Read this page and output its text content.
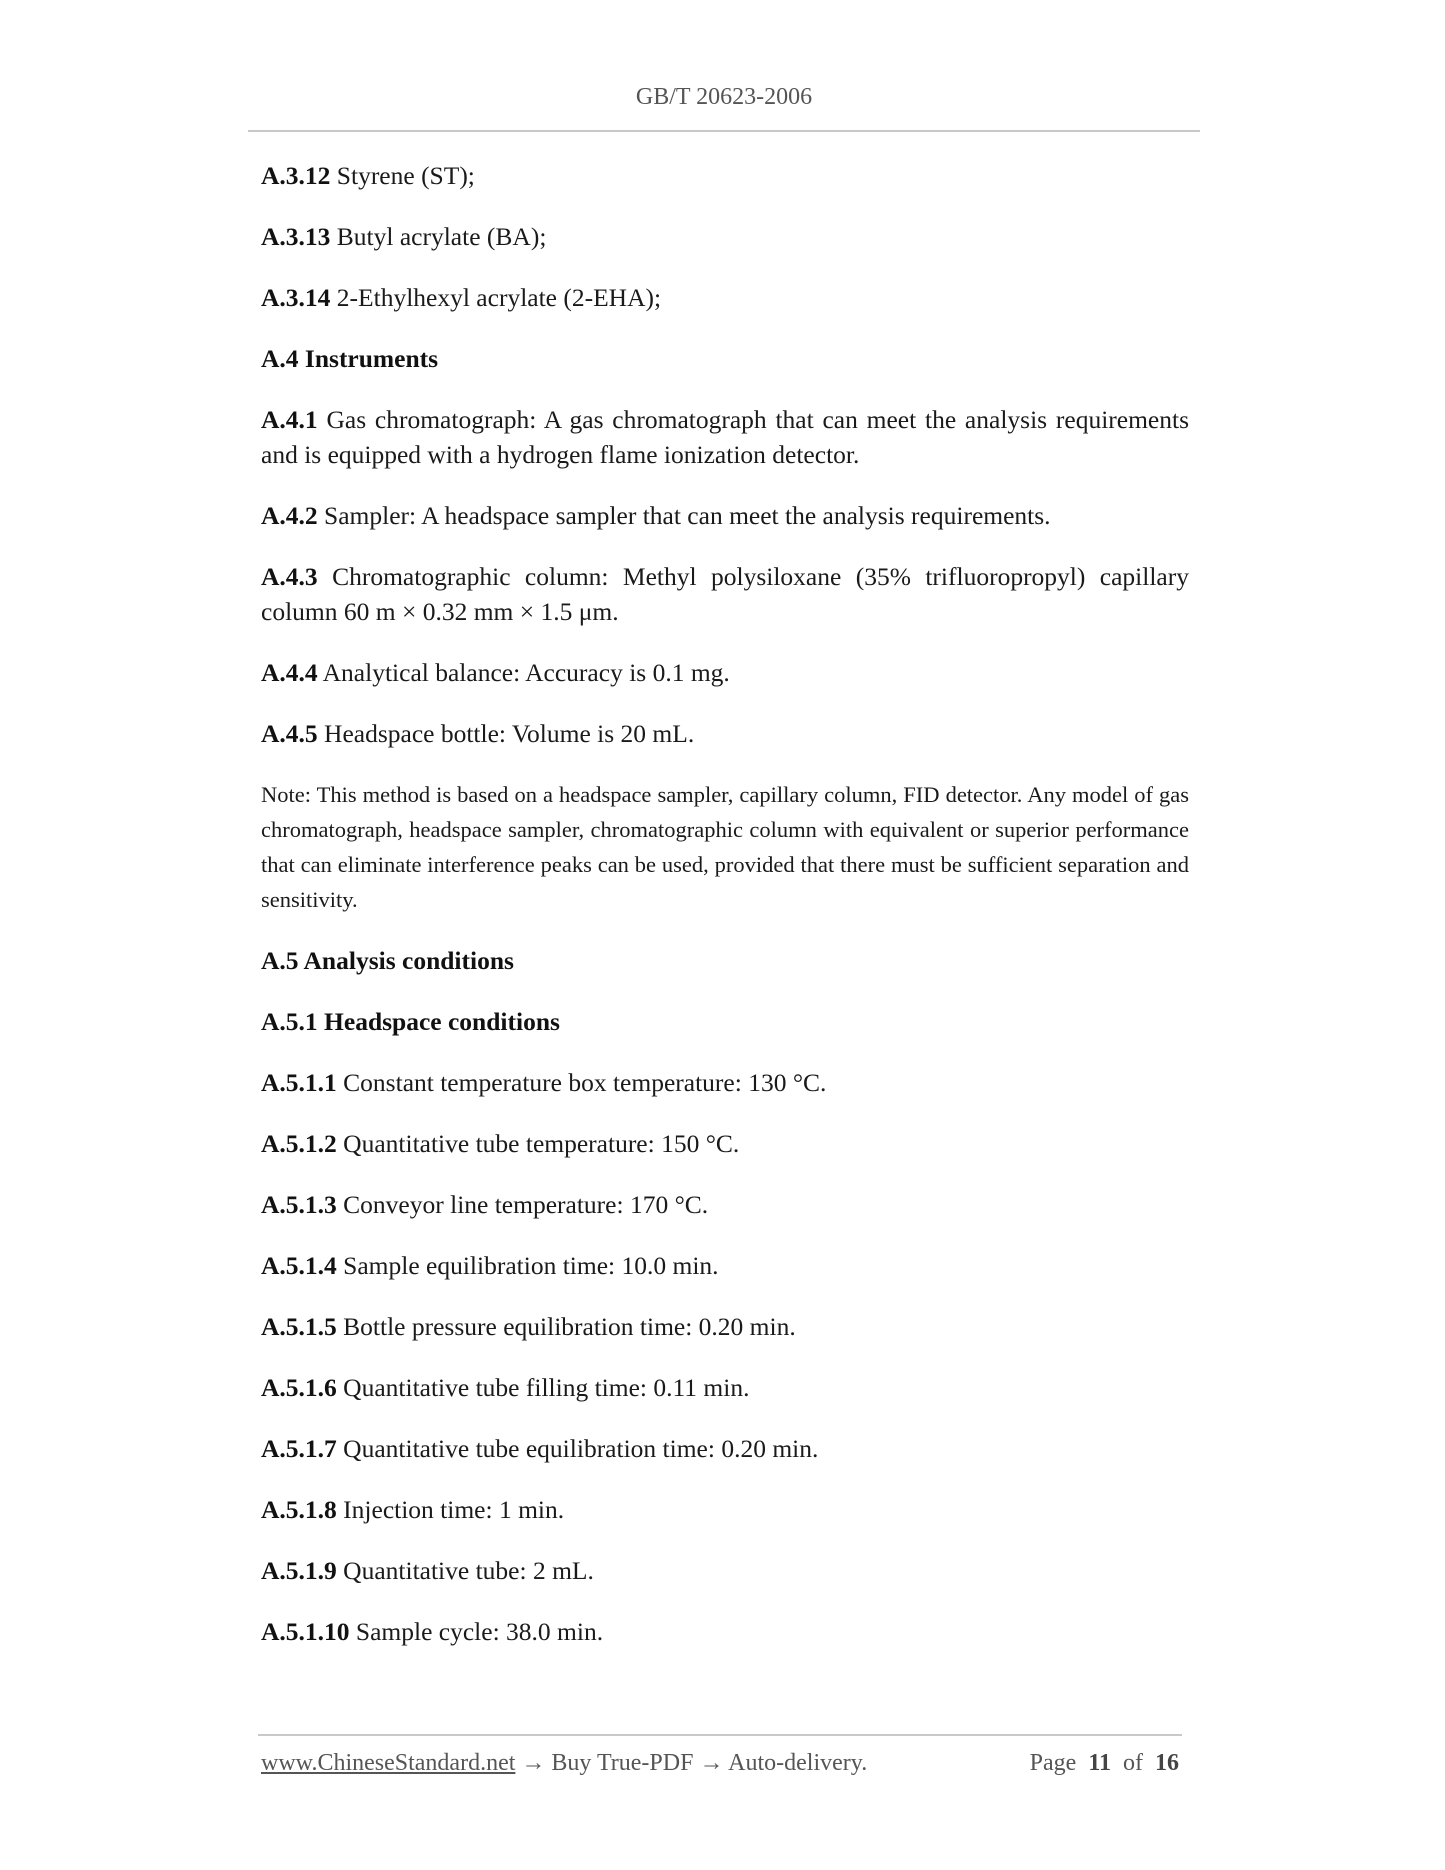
GB/T 20623-2006

A.3.12 Styrene (ST);

A.3.13 Butyl acrylate (BA);

A.3.14 2-Ethylhexyl acrylate (2-EHA);

A.4 Instruments

A.4.1 Gas chromatograph: A gas chromatograph that can meet the analysis requirements and is equipped with a hydrogen flame ionization detector.

A.4.2 Sampler: A headspace sampler that can meet the analysis requirements.

A.4.3 Chromatographic column: Methyl polysiloxane (35% trifluoropropyl) capillary column 60 m × 0.32 mm × 1.5 μm.

A.4.4 Analytical balance: Accuracy is 0.1 mg.

A.4.5 Headspace bottle: Volume is 20 mL.

Note: This method is based on a headspace sampler, capillary column, FID detector. Any model of gas chromatograph, headspace sampler, chromatographic column with equivalent or superior performance that can eliminate interference peaks can be used, provided that there must be sufficient separation and sensitivity.

A.5 Analysis conditions

A.5.1 Headspace conditions

A.5.1.1 Constant temperature box temperature: 130 °C.

A.5.1.2 Quantitative tube temperature: 150 °C.

A.5.1.3 Conveyor line temperature: 170 °C.

A.5.1.4 Sample equilibration time: 10.0 min.

A.5.1.5 Bottle pressure equilibration time: 0.20 min.

A.5.1.6 Quantitative tube filling time: 0.11 min.

A.5.1.7 Quantitative tube equilibration time: 0.20 min.

A.5.1.8 Injection time: 1 min.

A.5.1.9 Quantitative tube: 2 mL.

A.5.1.10 Sample cycle: 38.0 min.

www.ChineseStandard.net → Buy True-PDF → Auto-delivery.	Page 11 of 16
